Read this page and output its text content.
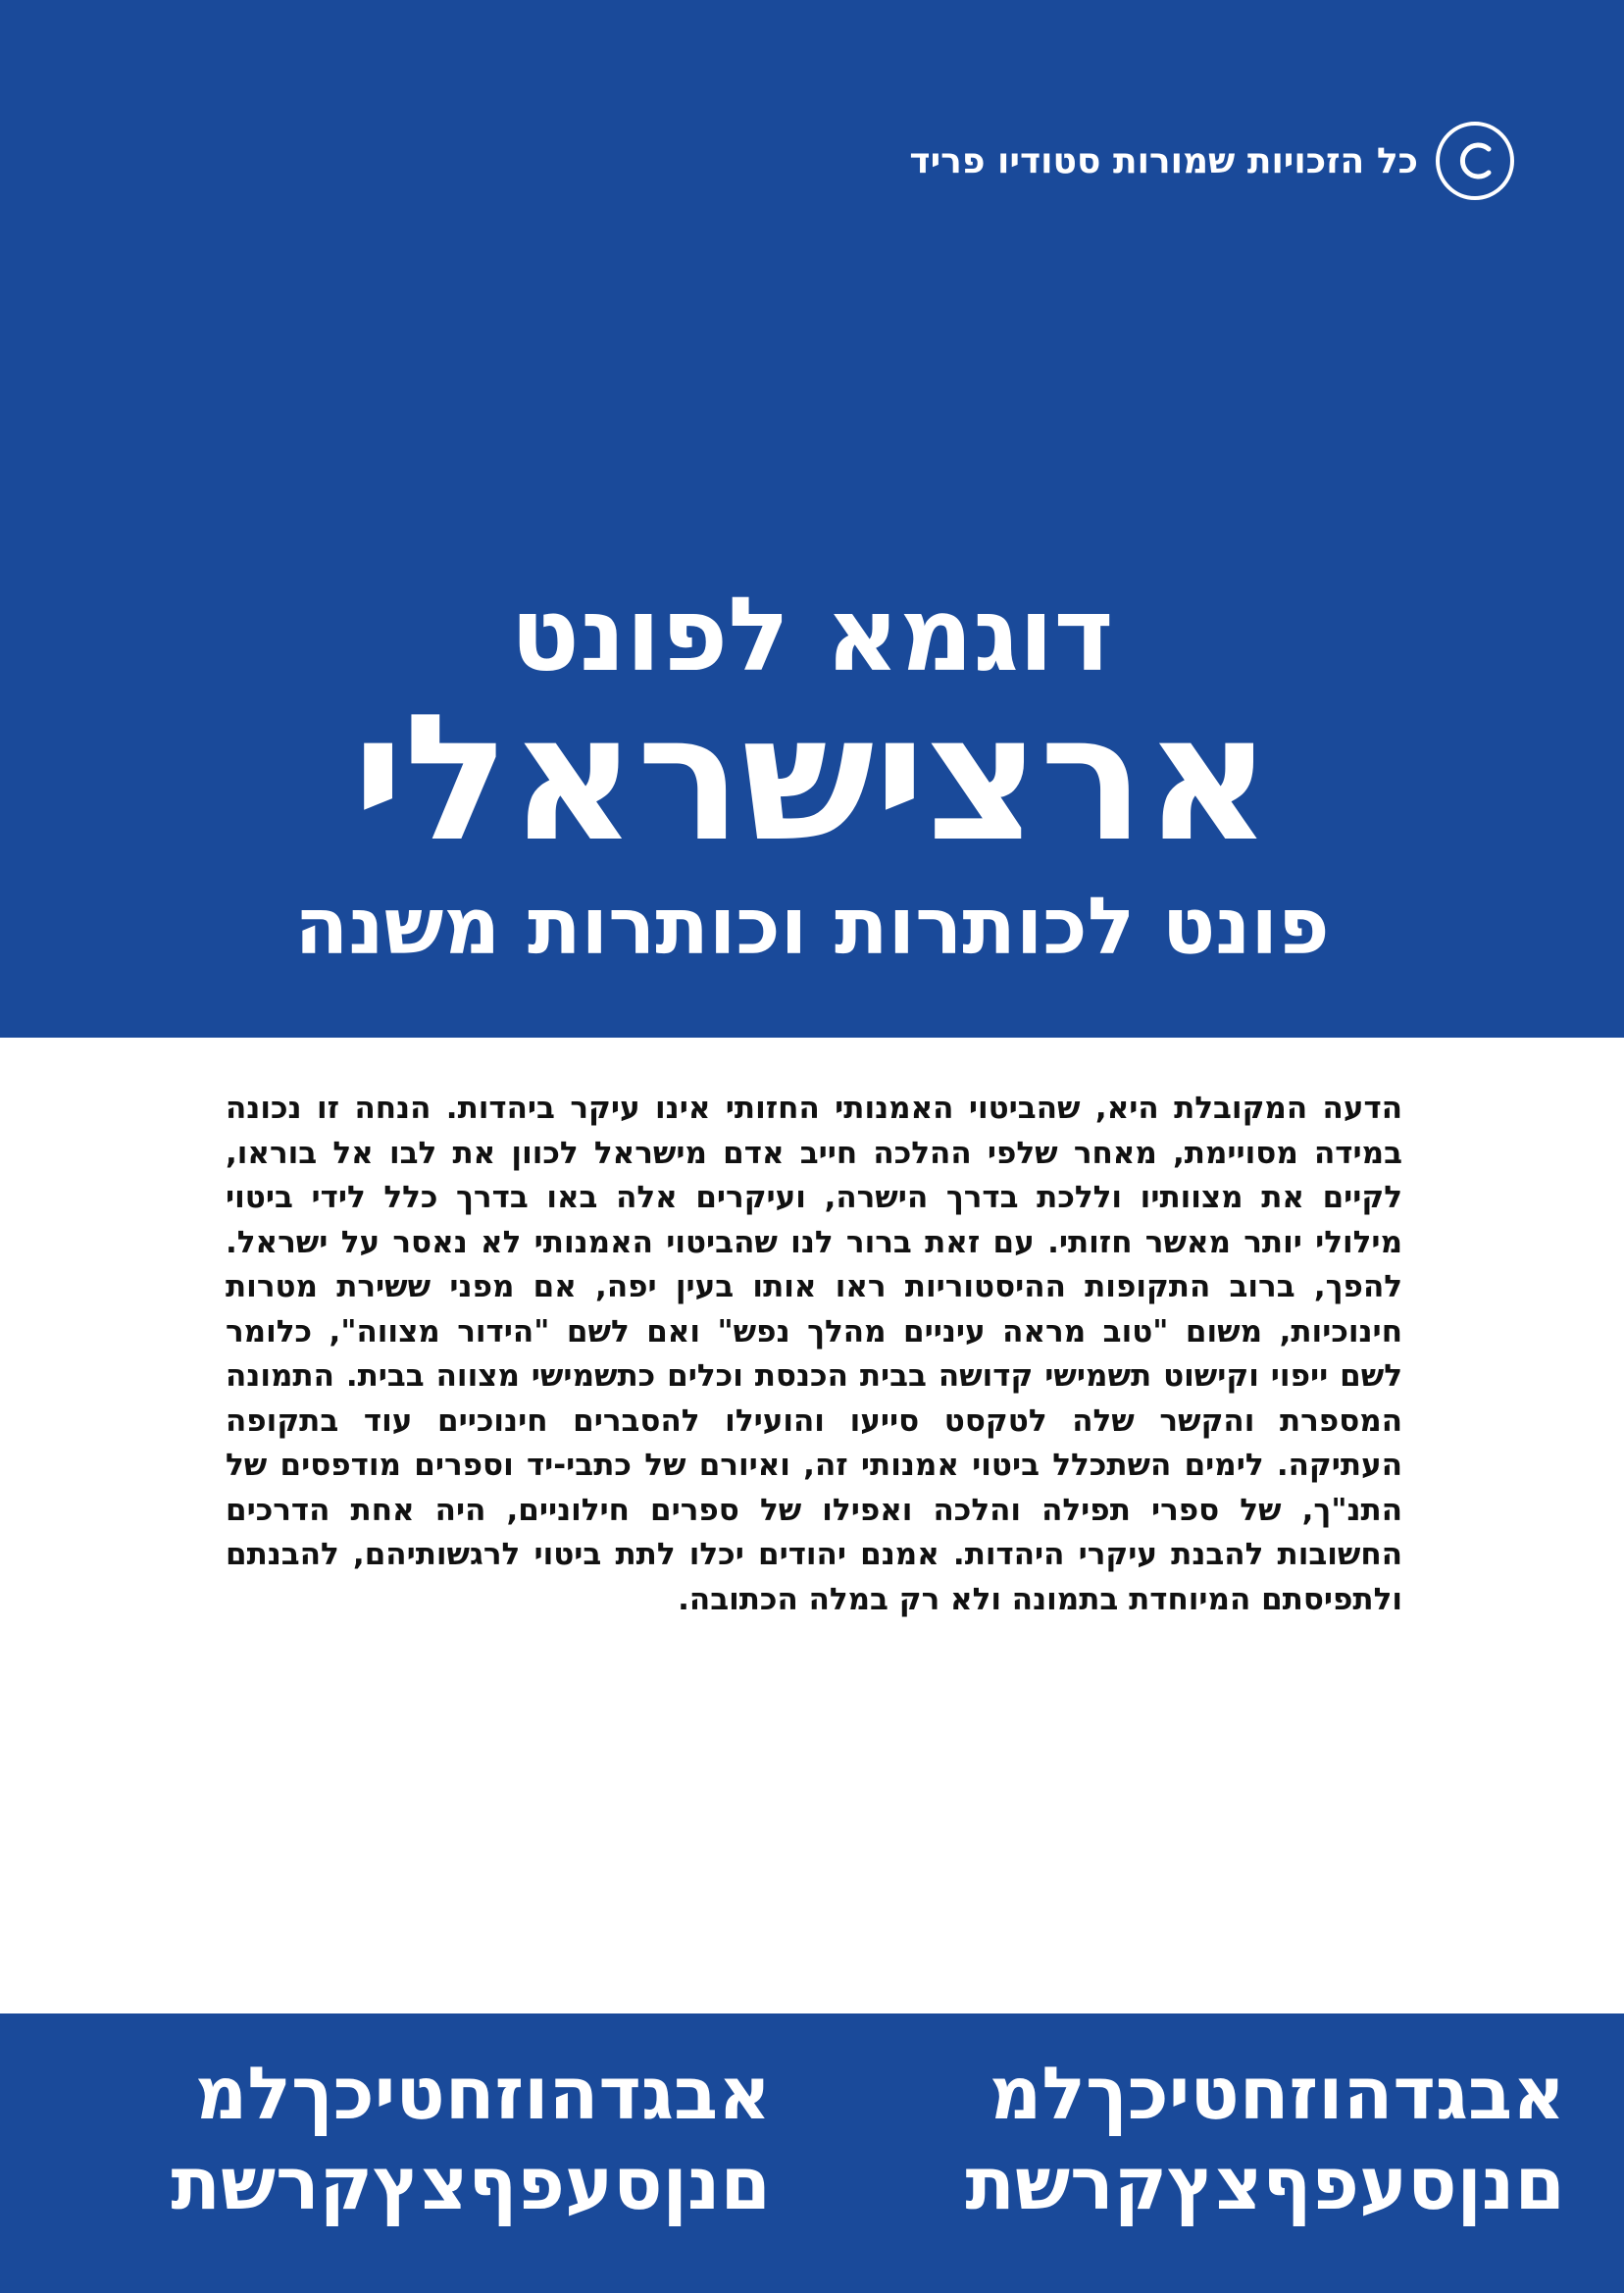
כל הזכויות שמורות סטודיו פריד
דוגמא לפונט
ארצישראלי
פונט לכותרות וכותרות משנה
הדעה המקובלת היא, שהביטוי האמנותי החזותי אינו עיקר ביהדות. הנחה זו נכונה במידה מסויימת, מאחר שלפי ההלכה חייב אדם מישראל לכוון את לבו אל בוראו, לקיים את מצוותיו וללכת בדרך הישרה, ועיקרים אלה באו בדרך כלל לידי ביטוי מילולי יותר מאשר חזותי. עם זאת ברור לנו שהביטוי האמנותי לא נאסר על ישראל. להפך, ברוב התקופות ההיסטוריות ראו אותו בעין יפה, אם מפני ששירת מטרות חינוכיות, משום "טוב מראה עיניים מהלך נפש" ואם לשם "הידור מצווה", כלומר לשם ייפוי וקישוט תשמישי קדושה בבית הכנסת וכלים כתשמישי מצווה בבית. התמונה המספרת והקשר שלה לטקסט סייעו והועילו להסברים חינוכיים עוד בתקופה העתיקה. לימים השתכלל ביטוי אמנותי זה, ואיורם של כתבי-יד וספרים מודפסים של התנ"ך, של ספרי תפילה והלכה ואפילו של ספרים חילוניים, היה אחת הדרכים החשובות להבנת עיקרי היהדות. אמנם יהודים יכלו לתת ביטוי לרגשותיהם, להבנתם ולתפיסתם המיוחדת בתמונה ולא רק במלה הכתובה.
אבגדהוזחטיכךלמ
םנןסעפףצץקרשת
אבגדהוזחטיכךלמ
םנןסעפףצץקרשת
